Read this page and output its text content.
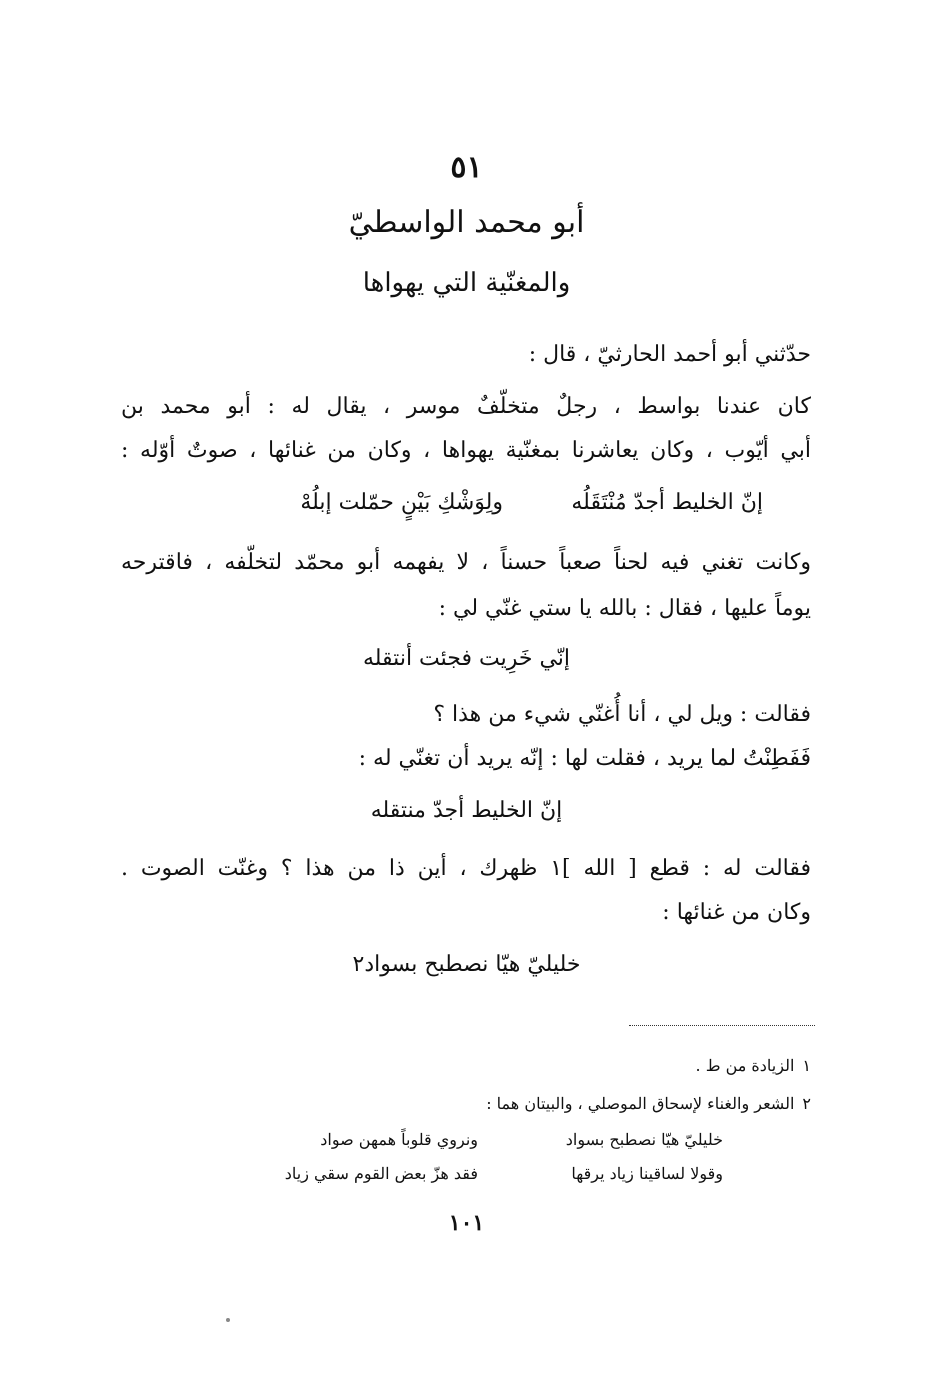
٥١
أبو محمد الواسطيّ
والمغنّية التي يهواها
حدّثني أبو أحمد الحارثيّ ، قال :
كان عندنا بواسط ، رجلٌ متخلّفٌ موسر ، يقال له : أبو محمد بن
أبي أيّوب ، وكان يعاشرنا بمغنّية يهواها ، وكان من غنائها ، صوتٌ أوّله :
إنّ الخليط أجدّ مُنْتَقَلُه
ولِوَشْكِ بَيْنٍ حمّلت إبلُهْ
وكانت تغني فيه لحناً صعباً حسناً ، لا يفهمه أبو محمّد لتخلّفه ، فاقترحه
يوماً عليها ، فقال : بالله يا ستي غنّي لي :
إنّي خَرِيت فجئت أنتقله
فقالت : ويل لي ، أنا أُغنّي شيء من هذا ؟
فَفَطِنْتُ لما يريد ، فقلت لها : إنّه يريد أن تغنّي له :
إنّ الخليط أجدّ منتقله
فقالت له : قطع [ الله ]١ ظهرك ، أين ذا من هذا ؟ وغنّت الصوت .
وكان من غنائها :
خليليّ هيّا نصطبح بسواد٢
١الزيادة من ط .
٢الشعر والغناء لإسحاق الموصلي ، والبيتان هما :
خليليّ هيّا نصطبح بسواد
ونروي قلوباً همهن صواد
وقولا لساقينا زياد يرقها
فقد هزّ بعض القوم سقي زياد
١٠١
